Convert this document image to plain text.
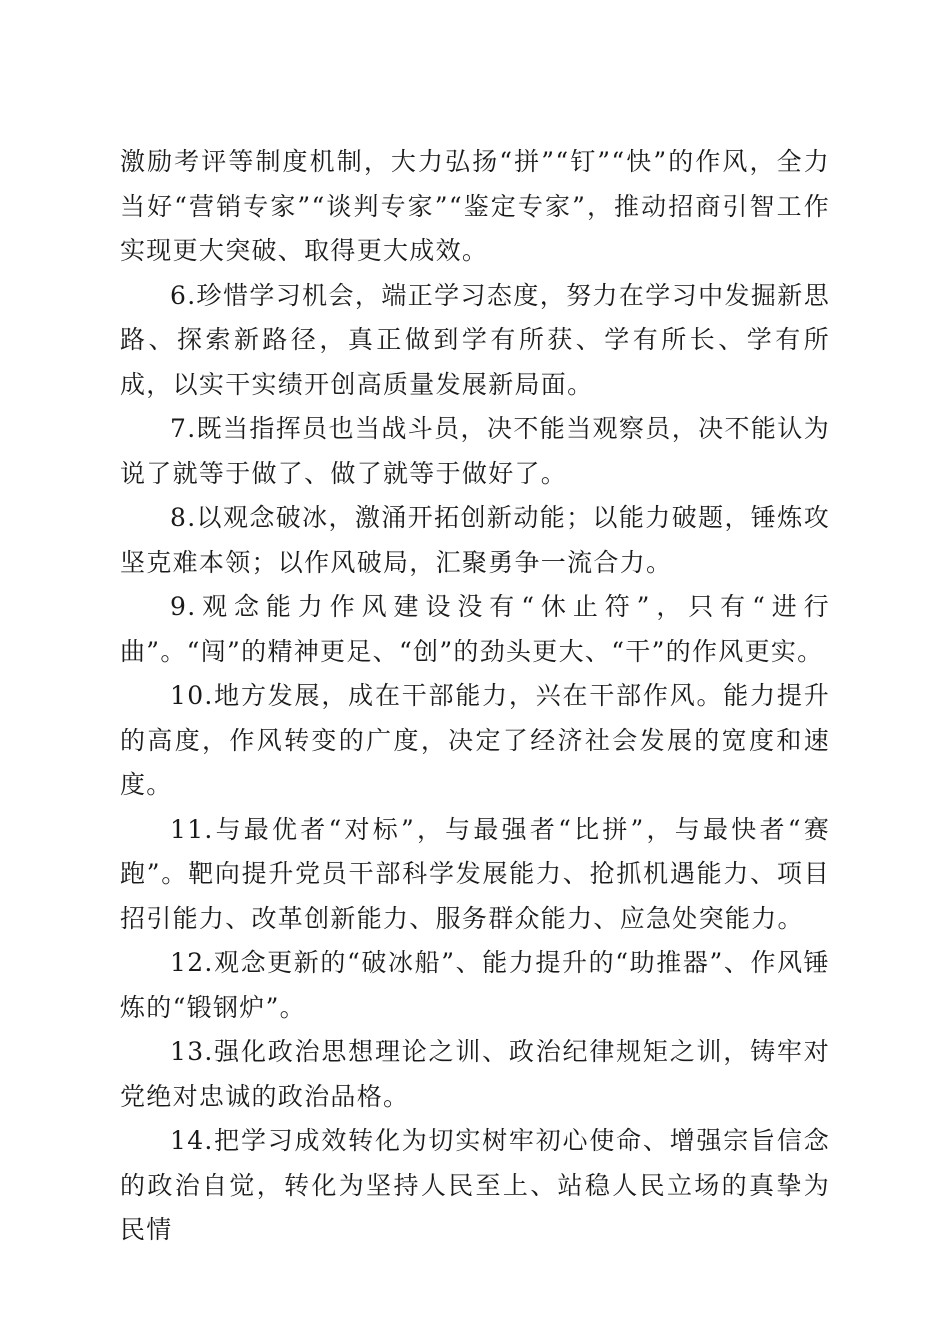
激励考评等制度机制，大力弘扬“拼”“钉”“快”的作风，全力当好“营销专家”“谈判专家”“鉴定专家”，推动招商引智工作实现更大突破、取得更大成效。

6.珍惜学习机会，端正学习态度，努力在学习中发掘新思路、探索新路径，真正做到学有所获、学有所长、学有所成，以实干实绩开创高质量发展新局面。

7.既当指挥员也当战斗员，决不能当观察员，决不能认为说了就等于做了、做了就等于做好了。

8.以观念破冰，激涌开拓创新动能；以能力破题，锤炼攻坚克难本领；以作风破局，汇聚勇争一流合力。

9.观念能力作风建设没有“休止符”，只有“进行曲”。“闯”的精神更足、“创”的劲头更大、“干”的作风更实。

10.地方发展，成在干部能力，兴在干部作风。能力提升的高度，作风转变的广度，决定了经济社会发展的宽度和速度。

11.与最优者“对标”，与最强者“比拼”，与最快者“赛跑”。靶向提升党员干部科学发展能力、抢抓机遇能力、项目招引能力、改革创新能力、服务群众能力、应急处突能力。

12.观念更新的“破冰船”、能力提升的“助推器”、作风锤炼的“锻钢炉”。

13.强化政治思想理论之训、政治纪律规矩之训，铸牢对党绝对忠诚的政治品格。

14.把学习成效转化为切实树牢初心使命、增强宗旨信念的政治自觉，转化为坚持人民至上、站稳人民立场的真挚为民情
